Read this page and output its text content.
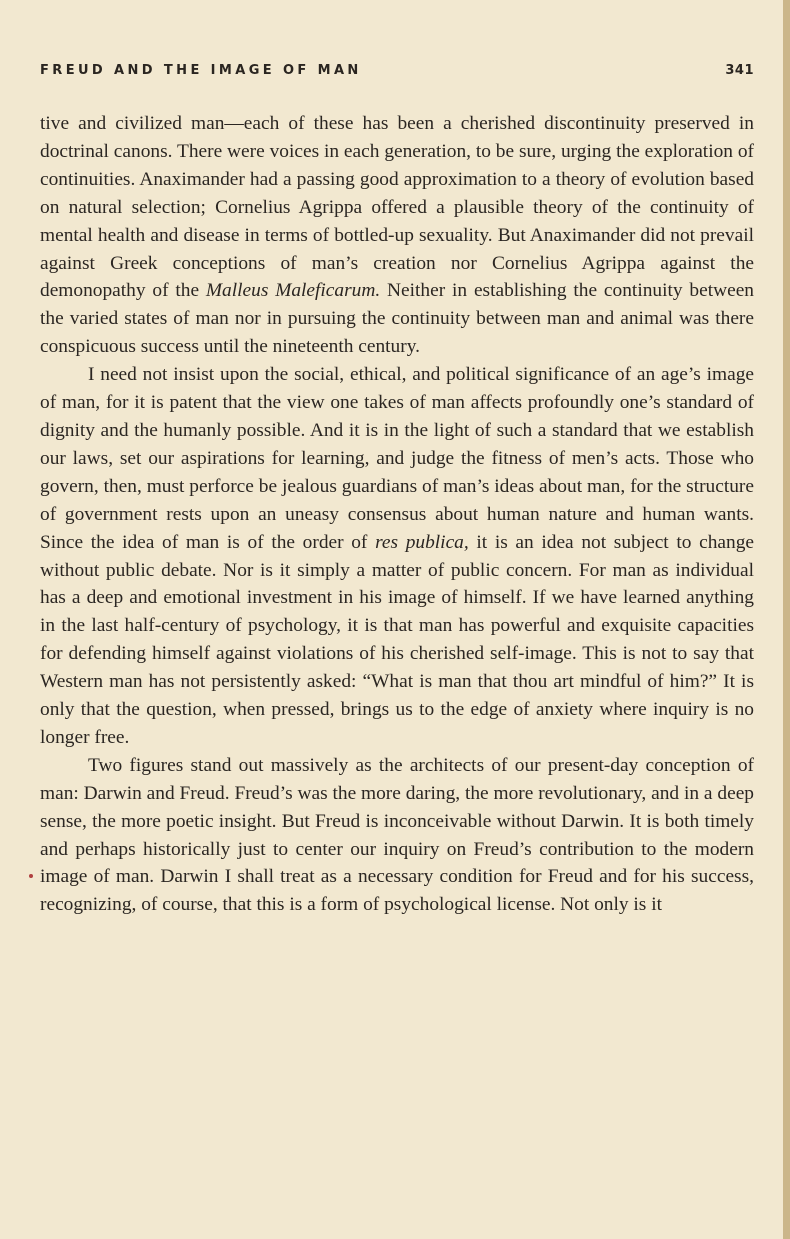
FREUD AND THE IMAGE OF MAN	341

tive and civilized man—each of these has been a cherished discontinuity preserved in doctrinal canons. There were voices in each generation, to be sure, urging the exploration of continuities. Anaximander had a passing good approximation to a theory of evolution based on natural selection; Cornelius Agrippa offered a plausible theory of the continuity of mental health and disease in terms of bottled-up sexuality. But Anaximander did not prevail against Greek conceptions of man’s creation nor Cornelius Agrippa against the demonopathy of the Malleus Maleficarum. Neither in establishing the continuity between the varied states of man nor in pursuing the continuity between man and animal was there conspicuous success until the nineteenth century.

I need not insist upon the social, ethical, and political significance of an age’s image of man, for it is patent that the view one takes of man affects profoundly one’s standard of dignity and the humanly possible. And it is in the light of such a standard that we establish our laws, set our aspirations for learning, and judge the fitness of men’s acts. Those who govern, then, must perforce be jealous guardians of man’s ideas about man, for the structure of government rests upon an uneasy consensus about human nature and human wants. Since the idea of man is of the order of res publica, it is an idea not subject to change without public debate. Nor is it simply a matter of public concern. For man as individual has a deep and emotional investment in his image of himself. If we have learned anything in the last half-century of psychology, it is that man has powerful and exquisite capacities for defending himself against violations of his cherished self-image. This is not to say that Western man has not persistently asked: “What is man that thou art mindful of him?” It is only that the question, when pressed, brings us to the edge of anxiety where inquiry is no longer free.

Two figures stand out massively as the architects of our present-day conception of man: Darwin and Freud. Freud’s was the more daring, the more revolutionary, and in a deep sense, the more poetic insight. But Freud is inconceivable without Darwin. It is both timely and perhaps historically just to center our inquiry on Freud’s contribution to the modern image of man. Darwin I shall treat as a necessary condition for Freud and for his success, recognizing, of course, that this is a form of psychological license. Not only is it
